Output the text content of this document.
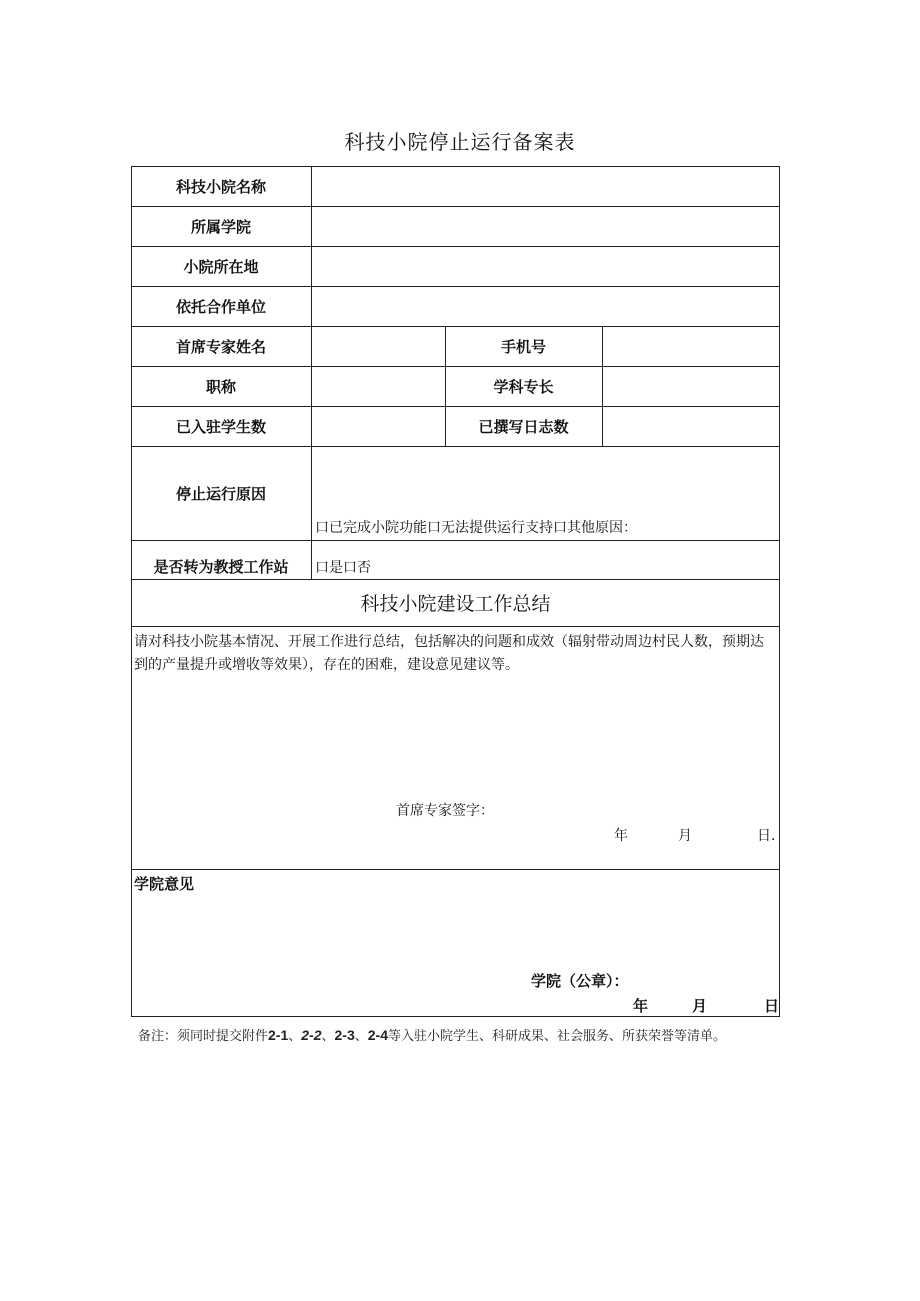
科技小院停止运行备案表
科技小院名称
所属学院
小院所在地
依托合作单位
首席专家姓名	手机号
职称	学科专长
已入驻学生数	已撰写日志数
停止运行原因
口已完成小院功能口无法提供运行支持口其他原因：
是否转为教授工作站	口是口否
科技小院建设工作总结
请对科技小院基本情况、开展工作进行总结，包括解决的问题和成效（辐射带动周边村民人数，预期达到的产量提升或增收等效果），存在的困难，建设意见建议等。
首席专家签字：
年	月	日.
学院意见
学院（公章）：
年	月	日
备注：须同时提交附件2-1、2-2、2-3、2-4等入驻小院学生、科研成果、社会服务、所获荣誉等清单。
